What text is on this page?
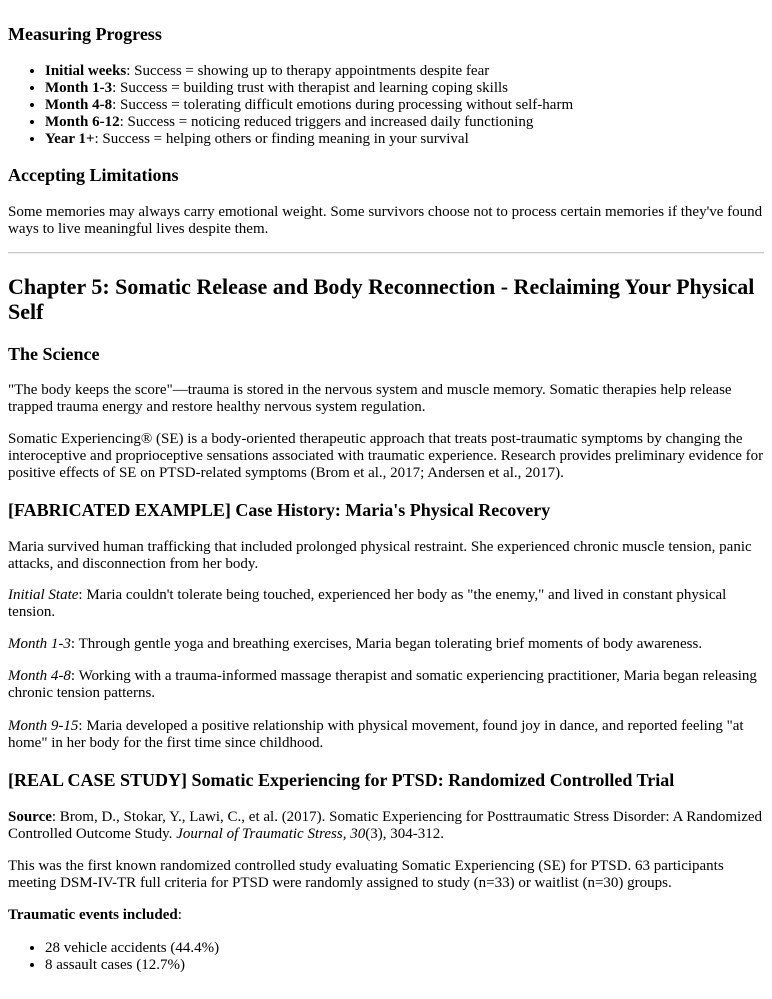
Measuring Progress
• Initial weeks: Success = showing up to therapy appointments despite fear
• Month 1-3: Success = building trust with therapist and learning coping skills
• Month 4-8: Success = tolerating difficult emotions during processing without self-harm
• Month 6-12: Success = noticing reduced triggers and increased daily functioning
• Year 1+: Success = helping others or finding meaning in your survival
Accepting Limitations

Some memories may always carry emotional weight. Some survivors choose not to process certain memories if they've found ways to live meaningful lives despite them.

Chapter 5: Somatic Release and Body Reconnection - Reclaiming Your Physical Self
The Science

"The body keeps the score"—trauma is stored in the nervous system and muscle memory. Somatic therapies help release trapped trauma energy and restore healthy nervous system regulation.

Somatic Experiencing® (SE) is a body-oriented therapeutic approach that treats post-traumatic symptoms by changing the interoceptive and proprioceptive sensations associated with traumatic experience. Research provides preliminary evidence for positive effects of SE on PTSD-related symptoms (Brom et al., 2017; Andersen et al., 2017).

[FABRICATED EXAMPLE] Case History: Maria's Physical Recovery

Maria survived human trafficking that included prolonged physical restraint. She experienced chronic muscle tension, panic attacks, and disconnection from her body.

Initial State: Maria couldn't tolerate being touched, experienced her body as "the enemy," and lived in constant physical tension.

Month 1-3: Through gentle yoga and breathing exercises, Maria began tolerating brief moments of body awareness.

Month 4-8: Working with a trauma-informed massage therapist and somatic experiencing practitioner, Maria began releasing chronic tension patterns.

Month 9-15: Maria developed a positive relationship with physical movement, found joy in dance, and reported feeling "at home" in her body for the first time since childhood.

[REAL CASE STUDY] Somatic Experiencing for PTSD: Randomized Controlled Trial

Source: Brom, D., Stokar, Y., Lawi, C., et al. (2017). Somatic Experiencing for Posttraumatic Stress Disorder: A Randomized Controlled Outcome Study. Journal of Traumatic Stress, 30(3), 304-312.

This was the first known randomized controlled study evaluating Somatic Experiencing (SE) for PTSD. 63 participants meeting DSM-IV-TR full criteria for PTSD were randomly assigned to study (n=33) or waitlist (n=30) groups.

Traumatic events included:

• 28 vehicle accidents (44.4%)
• 8 assault cases (12.7%)
